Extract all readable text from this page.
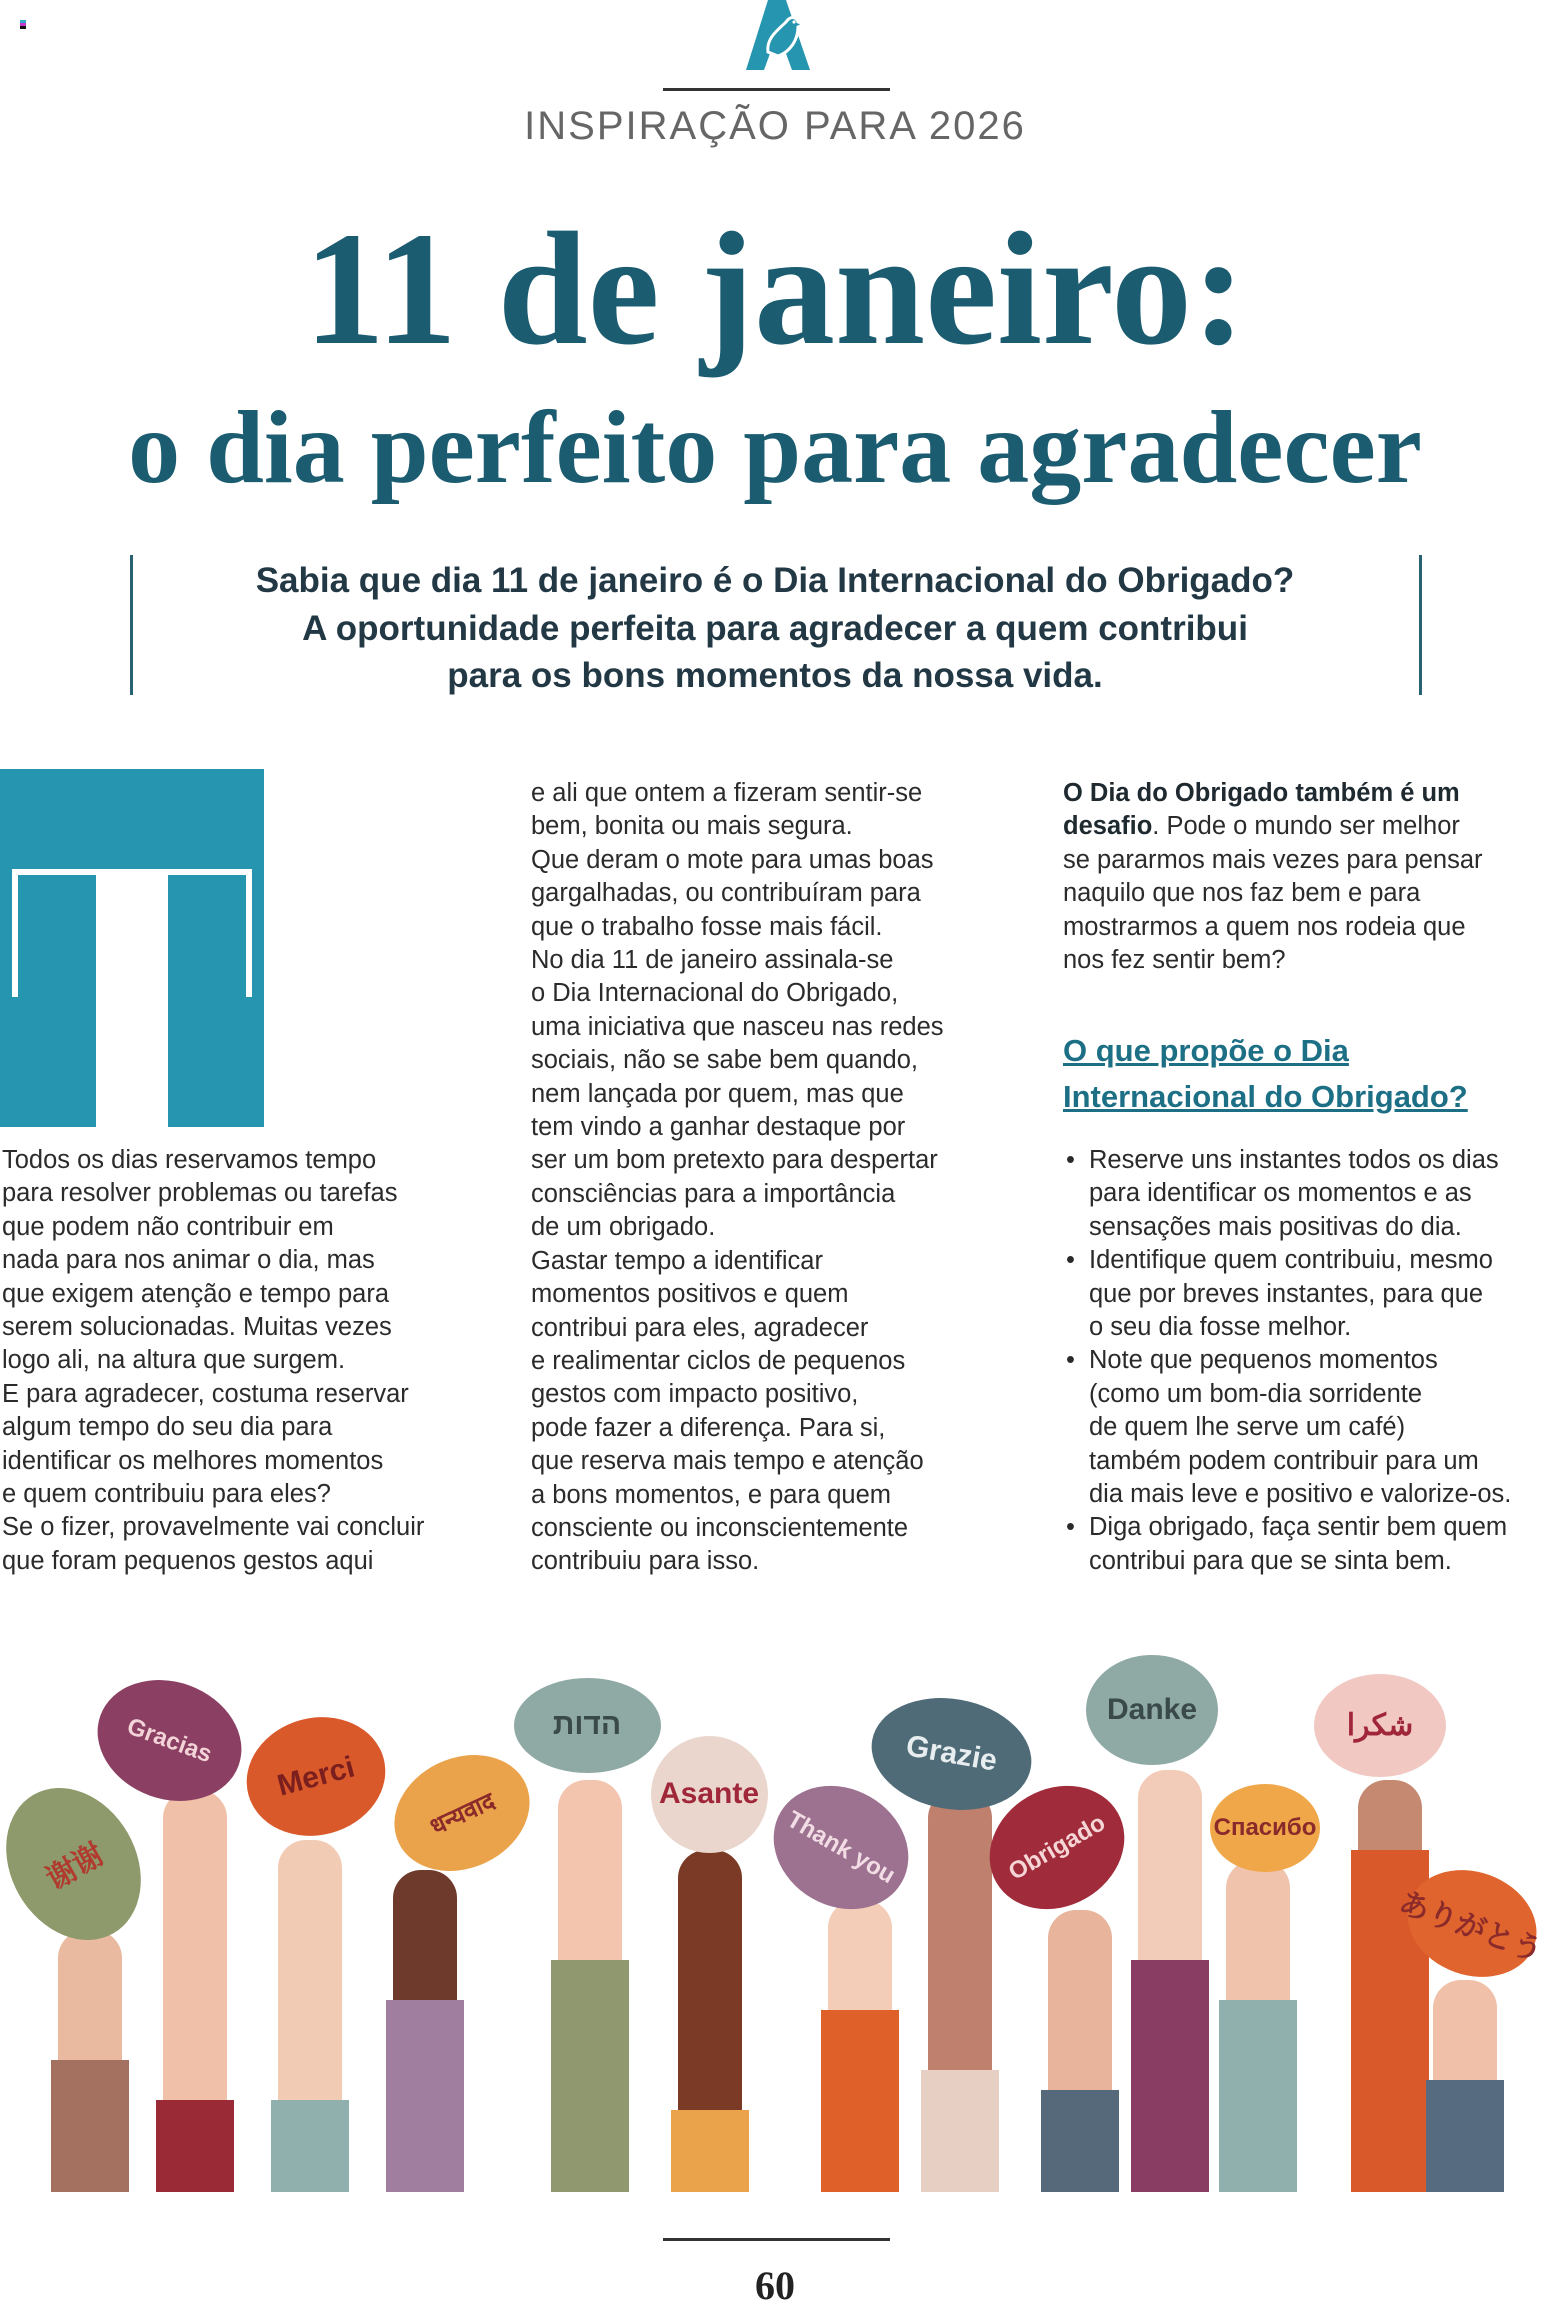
INSPIRAÇÃO PARA 2026
11 de janeiro:
o dia perfeito para agradecer
Sabia que dia 11 de janeiro é o Dia Internacional do Obrigado?
A oportunidade perfeita para agradecer a quem contribui
para os bons momentos da nossa vida.
Todos os dias reservamos tempo
para resolver problemas ou tarefas
que podem não contribuir em
nada para nos animar o dia, mas
que exigem atenção e tempo para
serem solucionadas. Muitas vezes
logo ali, na altura que surgem.
E para agradecer, costuma reservar
algum tempo do seu dia para
identificar os melhores momentos
e quem contribuiu para eles?
Se o fizer, provavelmente vai concluir
que foram pequenos gestos aqui
e ali que ontem a fizeram sentir-se
bem, bonita ou mais segura.
Que deram o mote para umas boas
gargalhadas, ou contribuíram para
que o trabalho fosse mais fácil.
No dia 11 de janeiro assinala-se
o Dia Internacional do Obrigado,
uma iniciativa que nasceu nas redes
sociais, não se sabe bem quando,
nem lançada por quem, mas que
tem vindo a ganhar destaque por
ser um bom pretexto para despertar
consciências para a importância
de um obrigado.
Gastar tempo a identificar
momentos positivos e quem
contribui para eles, agradecer
e realimentar ciclos de pequenos
gestos com impacto positivo,
pode fazer a diferença. Para si,
que reserva mais tempo e atenção
a bons momentos, e para quem
consciente ou inconscientemente
contribuiu para isso.
O Dia do Obrigado também é um
desafio. Pode o mundo ser melhor
se pararmos mais vezes para pensar
naquilo que nos faz bem e para
mostrarmos a quem nos rodeia que
nos fez sentir bem?
O que propõe o Dia
Internacional do Obrigado?
• Reserve uns instantes todos os dias
para identificar os momentos e as
sensações mais positivas do dia.
• Identifique quem contribuiu, mesmo
que por breves instantes, para que
o seu dia fosse melhor.
• Note que pequenos momentos
(como um bom-dia sorridente
de quem lhe serve um café)
também podem contribuir para um
dia mais leve e positivo e valorize-os.
• Diga obrigado, faça sentir bem quem
contribui para que se sinta bem.
谢谢
Gracias
Merci
धन्यवाद
הדות
Asante
Thank you
Grazie
Obrigado
Danke
Спасибо
شكرا
ありがとう
60
